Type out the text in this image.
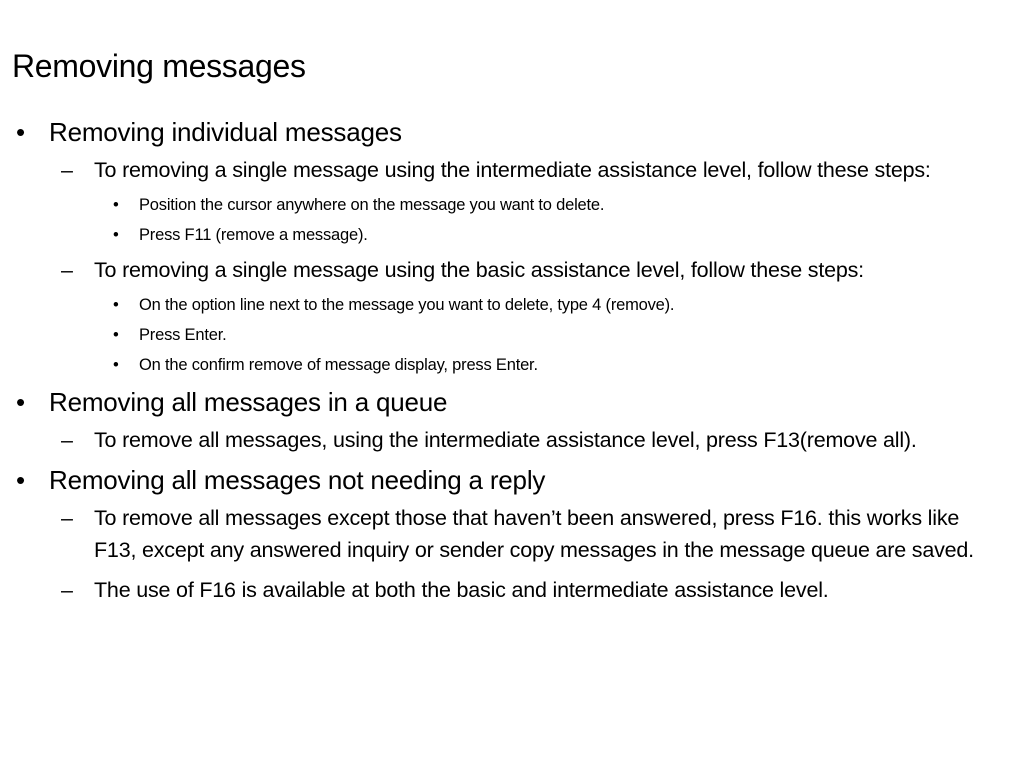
Removing messages
• Removing individual messages
– To removing a single message using the intermediate assistance level, follow these steps:
• Position the cursor anywhere on the message you want to delete.
• Press F11 (remove a message).
– To removing a single message using the basic assistance level, follow these steps:
• On the option line next to the message you want to delete, type 4 (remove).
• Press Enter.
• On the confirm remove of message display, press Enter.
• Removing all messages in a queue
– To remove all messages, using the intermediate assistance level, press F13(remove all).
• Removing all messages not needing a reply
– To remove all messages except those that haven’t been answered, press F16. this works like F13, except any answered inquiry or sender copy messages in the message queue are saved.
– The use of F16 is available at both the basic and intermediate assistance level.
